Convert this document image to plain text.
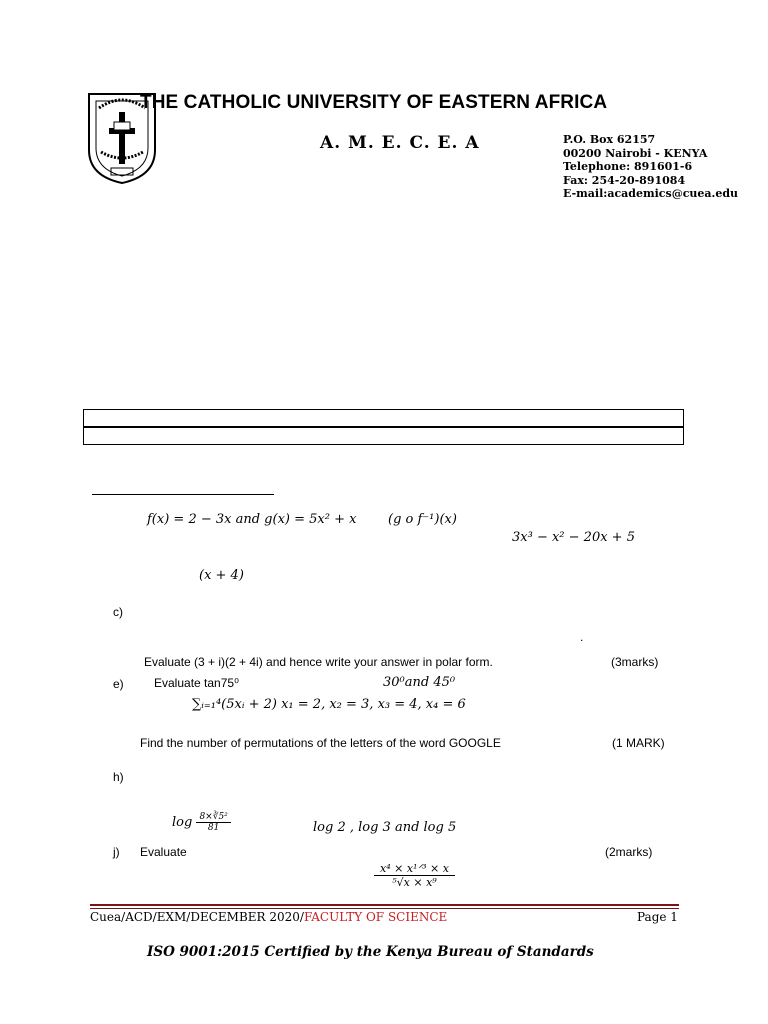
THE CATHOLIC UNIVERSITY OF EASTERN AFRICA
A. M. E. C. E. A	P.O. Box 62157
00200 Nairobi - KENYA
Telephone: 891601-6
Fax: 254-20-891084
E-mail:academics@cuea.edu
f(x) = 2 − 3x and g(x) = 5x² + x (g o f⁻¹)(x)
3x³ − x² − 20x + 5
(x + 4)
c)
.
Evaluate (3 + i)(2 + 4i) and hence write your answer in polar form.	(3marks)
e)	Evaluate tan75⁰	30⁰and 45⁰
∑ᵢ₌₁⁴(5xᵢ + 2) x₁ = 2, x₂ = 3, x₃ = 4, x₄ = 6
Find the number of permutations of the letters of the word GOOGLE	(1 MARK)
h)
$\log \frac{\text{8×∛5²}}{81}$	log 2 , log 3 and log 5
j) Evaluate	(2marks)
$\frac{\text{x⁴ × x¹ᐟ³ × x}}{\text{⁵√x × x⁹}}$
Cuea/ACD/EXM/DECEMBER 2020/FACULTY OF SCIENCE	Page 1
ISO 9001:2015 Certified by the Kenya Bureau of Standards
